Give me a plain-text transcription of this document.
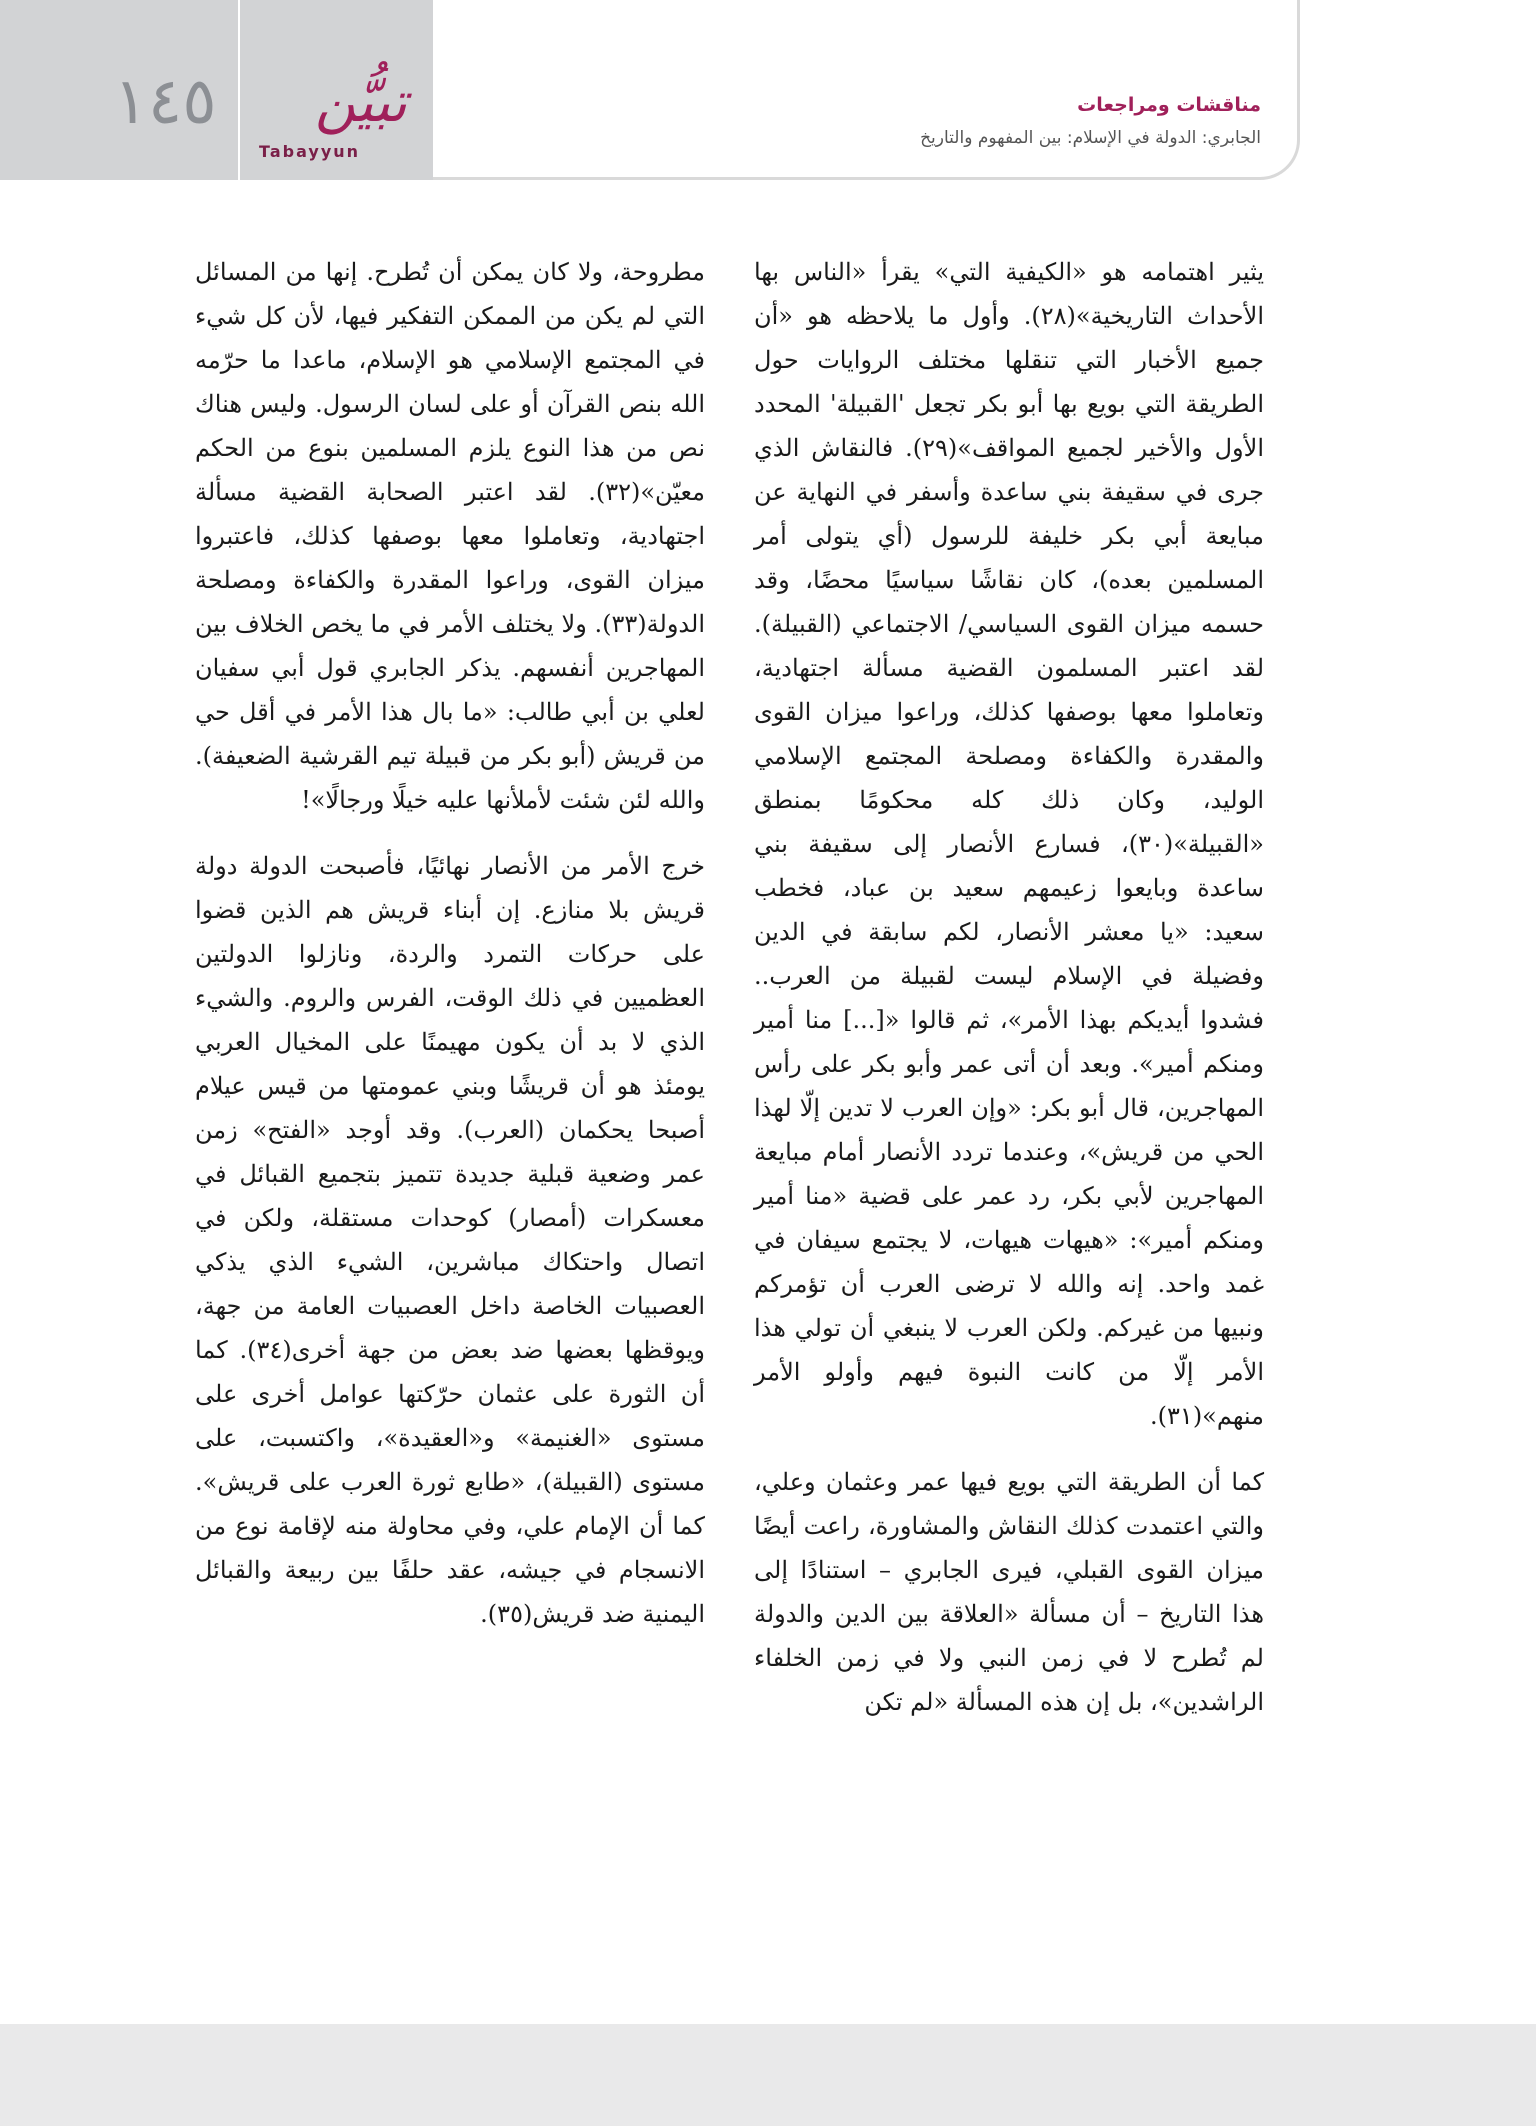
١٤٥ تبيُّن
Tabayyun
مناقشات ومراجعات
الجابري: الدولة في الإسلام: بين المفهوم والتاريخ

يثير اهتمامه هو «الكيفية التي» يقرأ «الناس بها الأحداث التاريخية»(٢٨). وأول ما يلاحظه هو «أن جميع الأخبار التي تنقلها مختلف الروايات حول الطريقة التي بويع بها أبو بكر تجعل 'القبيلة' المحدد الأول والأخير لجميع المواقف»(٢٩). فالنقاش الذي جرى في سقيفة بني ساعدة وأسفر في النهاية عن مبايعة أبي بكر خليفة للرسول (أي يتولى أمر المسلمين بعده)، كان نقاشًا سياسيًا محضًا، وقد حسمه ميزان القوى السياسي/ الاجتماعي (القبيلة). لقد اعتبر المسلمون القضية مسألة اجتهادية، وتعاملوا معها بوصفها كذلك، وراعوا ميزان القوى والمقدرة والكفاءة ومصلحة المجتمع الإسلامي الوليد، وكان ذلك كله محكومًا بمنطق «القبيلة»(٣٠)، فسارع الأنصار إلى سقيفة بني ساعدة وبايعوا زعيمهم سعيد بن عباد، فخطب سعيد: «يا معشر الأنصار، لكم سابقة في الدين وفضيلة في الإسلام ليست لقبيلة من العرب.. فشدوا أيديكم بهذا الأمر»، ثم قالوا «[...] منا أمير ومنكم أمير». وبعد أن أتى عمر وأبو بكر على رأس المهاجرين، قال أبو بكر: «وإن العرب لا تدين إلّا لهذا الحي من قريش»، وعندما تردد الأنصار أمام مبايعة المهاجرين لأبي بكر، رد عمر على قضية «منا أمير ومنكم أمير»: «هيهات هيهات، لا يجتمع سيفان في غمد واحد. إنه والله لا ترضى العرب أن تؤمركم ونبيها من غيركم. ولكن العرب لا ينبغي أن تولي هذا الأمر إلّا من كانت النبوة فيهم وأولو الأمر منهم»(٣١).

كما أن الطريقة التي بويع فيها عمر وعثمان وعلي، والتي اعتمدت كذلك النقاش والمشاورة، راعت أيضًا ميزان القوى القبلي، فيرى الجابري – استنادًا إلى هذا التاريخ – أن مسألة «العلاقة بين الدين والدولة لم تُطرح لا في زمن النبي ولا في زمن الخلفاء الراشدين»، بل إن هذه المسألة «لم تكن

مطروحة، ولا كان يمكن أن تُطرح. إنها من المسائل التي لم يكن من الممكن التفكير فيها، لأن كل شيء في المجتمع الإسلامي هو الإسلام، ماعدا ما حرّمه الله بنص القرآن أو على لسان الرسول. وليس هناك نص من هذا النوع يلزم المسلمين بنوع من الحكم معيّن»(٣٢). لقد اعتبر الصحابة القضية مسألة اجتهادية، وتعاملوا معها بوصفها كذلك، فاعتبروا ميزان القوى، وراعوا المقدرة والكفاءة ومصلحة الدولة(٣٣). ولا يختلف الأمر في ما يخص الخلاف بين المهاجرين أنفسهم. يذكر الجابري قول أبي سفيان لعلي بن أبي طالب: «ما بال هذا الأمر في أقل حي من قريش (أبو بكر من قبيلة تيم القرشية الضعيفة). والله لئن شئت لأملأنها عليه خيلًا ورجالًا»!

خرج الأمر من الأنصار نهائيًا، فأصبحت الدولة دولة قريش بلا منازع. إن أبناء قريش هم الذين قضوا على حركات التمرد والردة، ونازلوا الدولتين العظميين في ذلك الوقت، الفرس والروم. والشيء الذي لا بد أن يكون مهيمنًا على المخيال العربي يومئذ هو أن قريشًا وبني عمومتها من قيس عيلام أصبحا يحكمان (العرب). وقد أوجد «الفتح» زمن عمر وضعية قبلية جديدة تتميز بتجميع القبائل في معسكرات (أمصار) كوحدات مستقلة، ولكن في اتصال واحتكاك مباشرين، الشيء الذي يذكي العصبيات الخاصة داخل العصبيات العامة من جهة، ويوقظها بعضها ضد بعض من جهة أخرى(٣٤). كما أن الثورة على عثمان حرّكتها عوامل أخرى على مستوى «الغنيمة» و«العقيدة»، واكتسبت، على مستوى (القبيلة)، «طابع ثورة العرب على قريش». كما أن الإمام علي، وفي محاولة منه لإقامة نوع من الانسجام في جيشه، عقد حلفًا بين ربيعة والقبائل اليمنية ضد قريش(٣٥).
